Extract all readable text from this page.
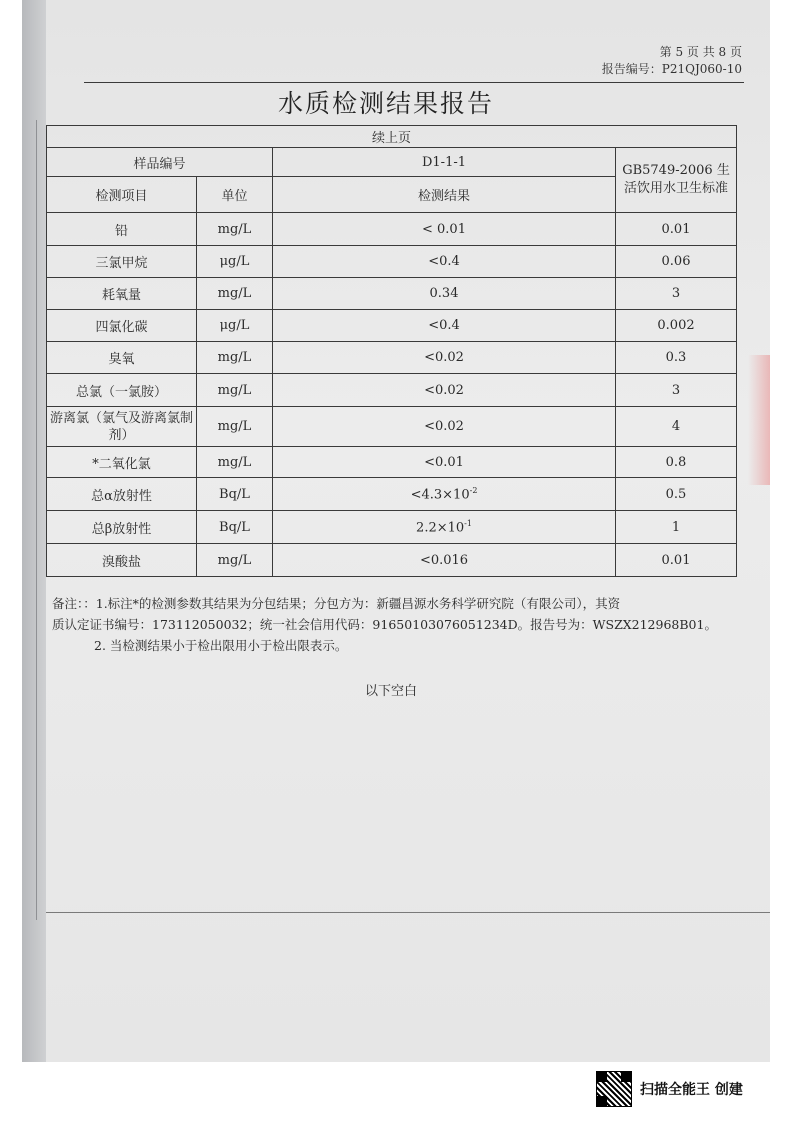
第 5 页 共 8 页
报告编号：P21QJ060-10
水质检测结果报告
续上页			
样品编号		D1-1-1	GB5749-2006 生活饮用水卫生标准
检测项目	单位	检测结果	
铅	mg/L	< 0.01	0.01
三氯甲烷	μg/L	<0.4	0.06
耗氧量	mg/L	0.34	3
四氯化碳	μg/L	<0.4	0.002
臭氧	mg/L	<0.02	0.3
总氯（一氯胺）	mg/L	<0.02	3
游离氯（氯气及游离氯制剂）	mg/L	<0.02	4
*二氧化氯	mg/L	<0.01	0.8
总α放射性	Bq/L	$<4.3\times 10^{-2}$	0.5
总β放射性	Bq/L	$2.2\times 10^{-1}$	1
溴酸盐	mg/L	<0.016	0.01
备注：：1.标注*的检测参数其结果为分包结果；分包方为：新疆昌源水务科学研究院（有限公司），其资
质认定证书编号：173112050032；统一社会信用代码：91650103076051234D。报告号为：WSZX212968B01。
2. 当检测结果小于检出限用小于检出限表示。
以下空白
扫描全能王 创建
